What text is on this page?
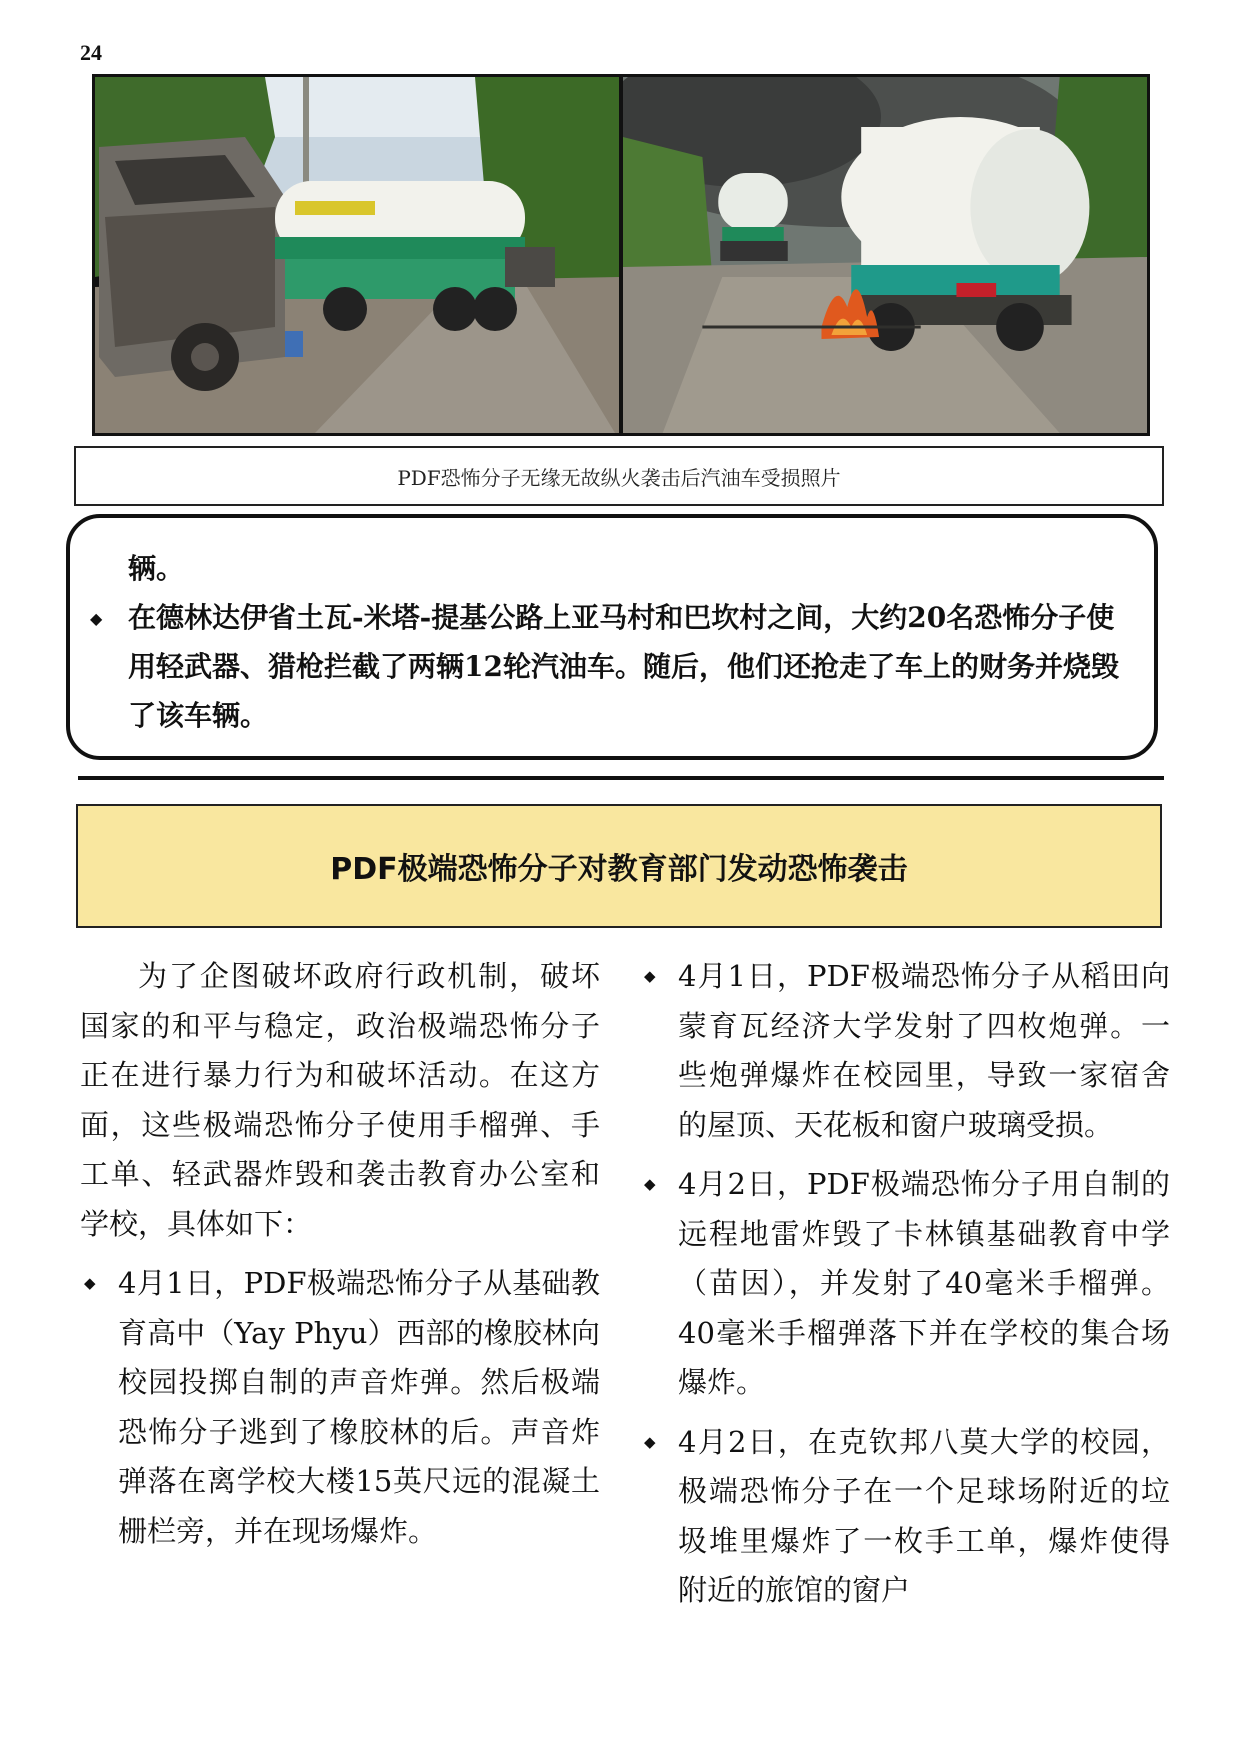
24
PDF恐怖分子无缘无故纵火袭击后汽油车受损照片
◆

辆。

在德林达伊省土瓦-米塔-提基公路上亚马村和巴坎村之间，大约20名恐怖分子使用轻武器、猎枪拦截了两辆12轮汽油车。随后，他们还抢走了车上的财务并烧毁了该车辆。

PDF极端恐怖分子对教育部门发动恐怖袭击

为了企图破坏政府行政机制，破坏国家的和平与稳定，政治极端恐怖分子正在进行暴力行为和破坏活动。在这方面，这些极端恐怖分子使用手榴弹、手工单、轻武器炸毁和袭击教育办公室和学校，具体如下：

◆ 4月1日，PDF极端恐怖分子从基础教育高中（Yay Phyu）西部的橡胶林向校园投掷自制的声音炸弹。然后极端恐怖分子逃到了橡胶林的后。声音炸弹落在离学校大楼15英尺远的混凝土栅栏旁，并在现场爆炸。
◆ 4月1日，PDF极端恐怖分子从稻田向蒙育瓦经济大学发射了四枚炮弹。一些炮弹爆炸在校园里，导致一家宿舍的屋顶、天花板和窗户玻璃受损。
◆ 4月2日，PDF极端恐怖分子用自制的远程地雷炸毁了卡林镇基础教育中学（苗因），并发射了40毫米手榴弹。40毫米手榴弹落下并在学校的集合场爆炸。
◆ 4月2日，在克钦邦八莫大学的校园，极端恐怖分子在一个足球场附近的垃圾堆里爆炸了一枚手工单，爆炸使得附近的旅馆的窗户
